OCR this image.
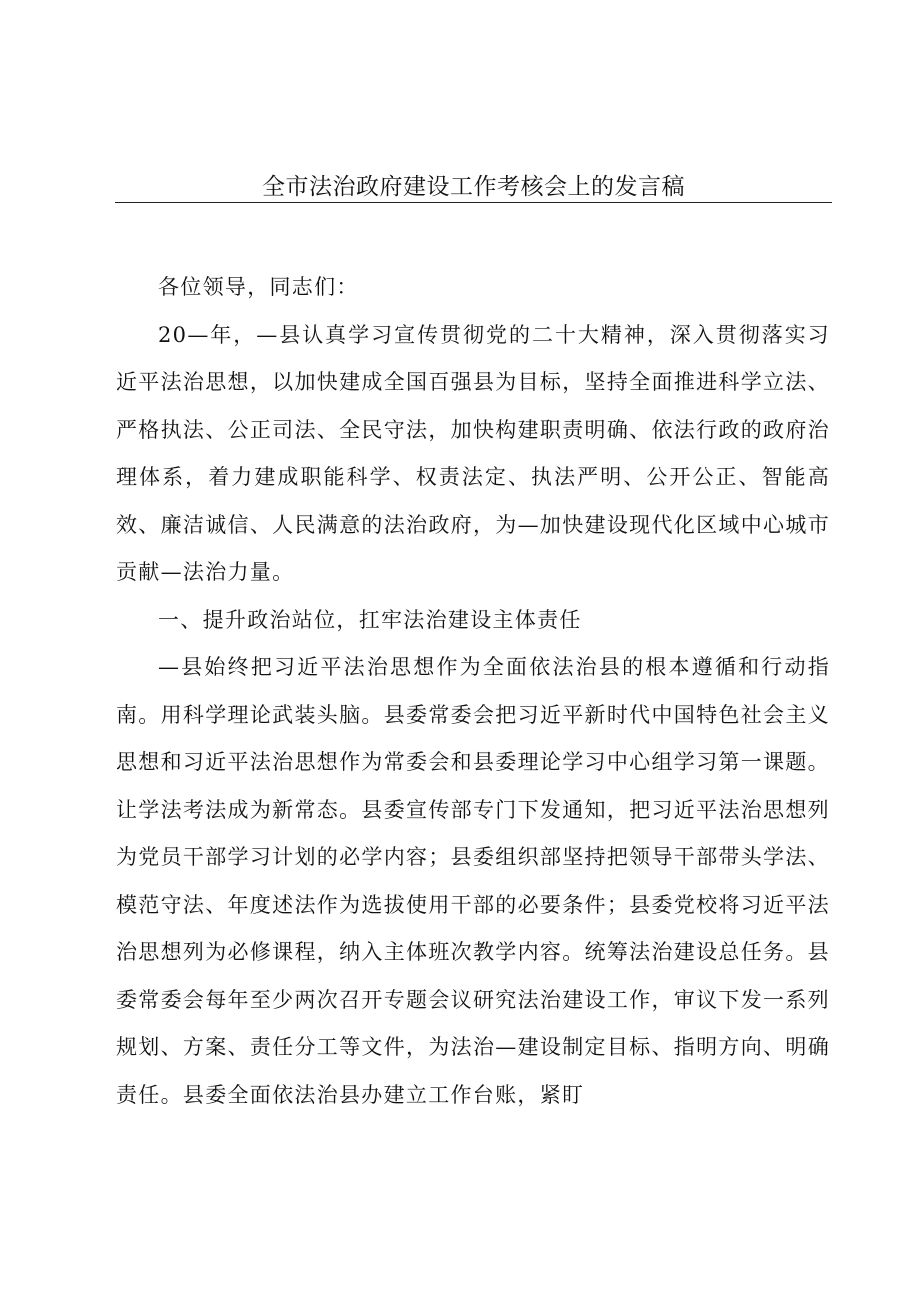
全市法治政府建设工作考核会上的发言稿

各位领导，同志们：

20—年，—县认真学习宣传贯彻党的二十大精神，深入贯彻落实习近平法治思想，以加快建成全国百强县为目标，坚持全面推进科学立法、严格执法、公正司法、全民守法，加快构建职责明确、依法行政的政府治理体系，着力建成职能科学、权责法定、执法严明、公开公正、智能高效、廉洁诚信、人民满意的法治政府，为—加快建设现代化区域中心城市贡献—法治力量。

一、提升政治站位，扛牢法治建设主体责任

—县始终把习近平法治思想作为全面依法治县的根本遵循和行动指南。用科学理论武装头脑。县委常委会把习近平新时代中国特色社会主义思想和习近平法治思想作为常委会和县委理论学习中心组学习第一课题。让学法考法成为新常态。县委宣传部专门下发通知，把习近平法治思想列为党员干部学习计划的必学内容；县委组织部坚持把领导干部带头学法、模范守法、年度述法作为选拔使用干部的必要条件；县委党校将习近平法治思想列为必修课程，纳入主体班次教学内容。统筹法治建设总任务。县委常委会每年至少两次召开专题会议研究法治建设工作，审议下发一系列规划、方案、责任分工等文件，为法治—建设制定目标、指明方向、明确责任。县委全面依法治县办建立工作台账，紧盯
